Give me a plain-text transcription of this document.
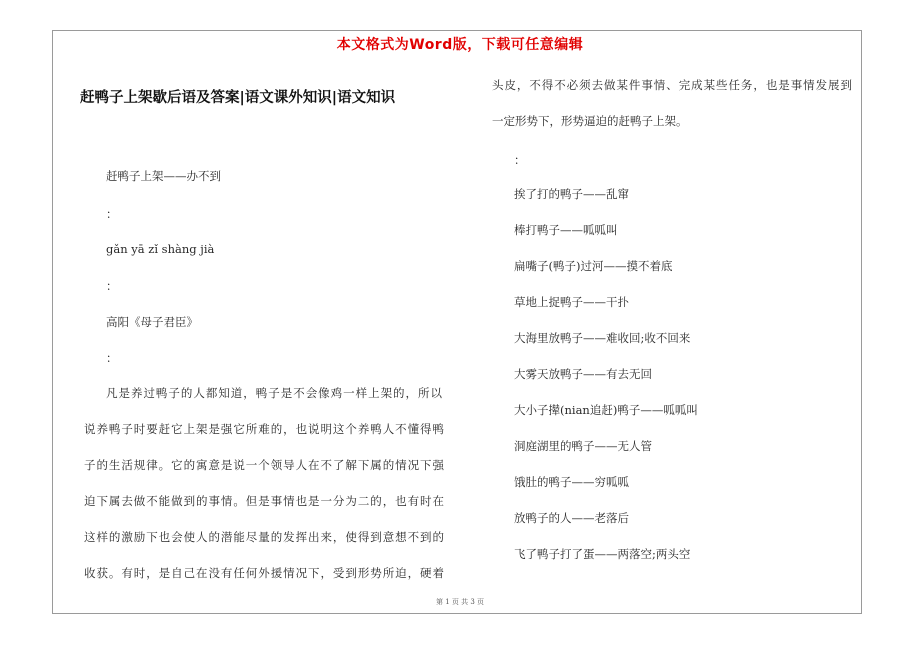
本文格式为Word版，下载可任意编辑
赶鸭子上架歇后语及答案|语文课外知识|语文知识
赶鸭子上架——办不到
：
gǎn yā zǐ shàng jià
：
高阳《母子君臣》
：
凡是养过鸭子的人都知道，鸭子是不会像鸡一样上架的，所以
说养鸭子时要赶它上架是强它所难的，也说明这个养鸭人不懂得鸭
子的生活规律。它的寓意是说一个领导人在不了解下属的情况下强
迫下属去做不能做到的事情。但是事情也是一分为二的，也有时在
这样的激励下也会使人的潜能尽量的发挥出来，使得到意想不到的
收获。有时，是自己在没有任何外援情况下，受到形势所迫，硬着
头皮，不得不必须去做某件事情、完成某些任务，也是事情发展到
一定形势下，形势逼迫的赶鸭子上架。
：
挨了打的鸭子——乱窜
棒打鸭子——呱呱叫
扁嘴子(鸭子)过河——摸不着底
草地上捉鸭子——干扑
大海里放鸭子——难收回;收不回来
大雾天放鸭子——有去无回
大小子撵(nian追赶)鸭子——呱呱叫
洞庭湖里的鸭子——无人管
饿肚的鸭子——穷呱呱
放鸭子的人——老落后
飞了鸭子打了蛋——两落空;两头空
第 1 页 共 3 页
